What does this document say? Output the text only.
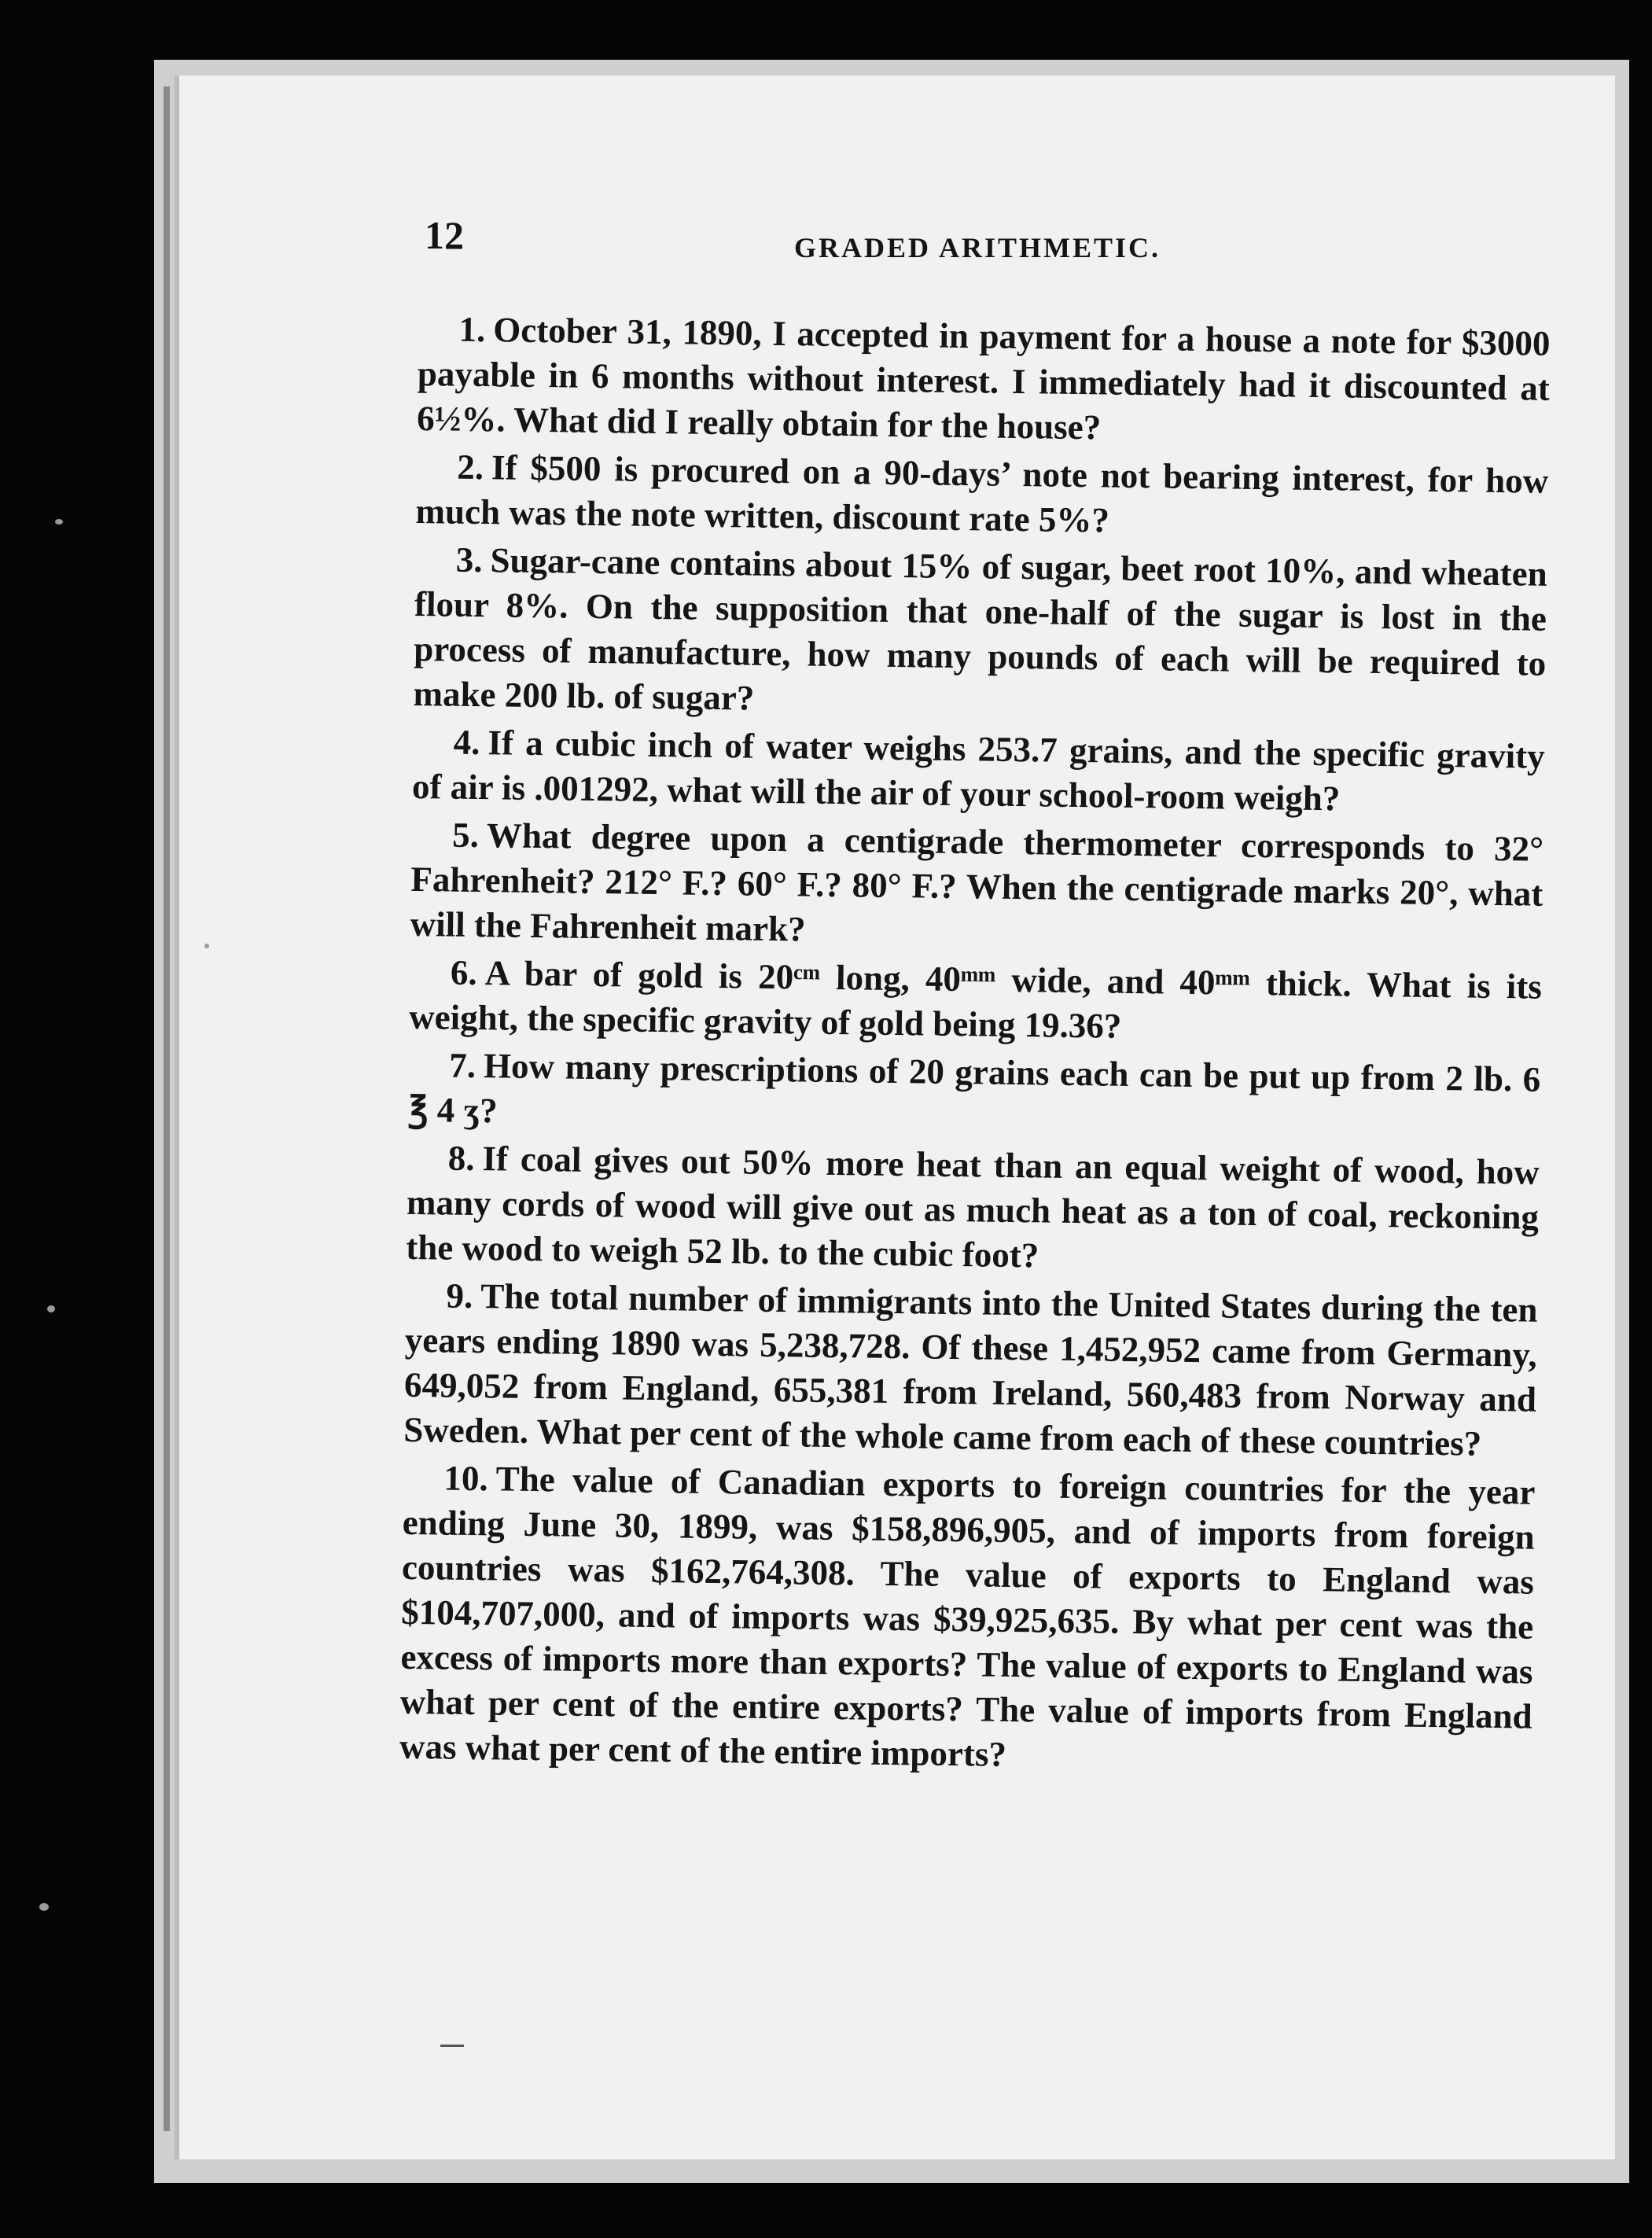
12	GRADED ARITHMETIC.

1. October 31, 1890, I accepted in payment for a house a note for $3000 payable in 6 months without interest. I immediately had it discounted at 6½%. What did I really obtain for the house?

2. If $500 is procured on a 90-days’ note not bearing interest, for how much was the note written, discount rate 5%?

3. Sugar-cane contains about 15% of sugar, beet root 10%, and wheaten flour 8%. On the supposition that one-half of the sugar is lost in the process of manufacture, how many pounds of each will be required to make 200 lb. of sugar?

4. If a cubic inch of water weighs 253.7 grains, and the specific gravity of air is .001292, what will the air of your school-room weigh?

5. What degree upon a centigrade thermometer corresponds to 32° Fahrenheit? 212° F.? 60° F.? 80° F.? When the centigrade marks 20°, what will the Fahrenheit mark?

6. A bar of gold is 20ᶜᵐ long, 40ᵐᵐ wide, and 40ᵐᵐ thick. What is its weight, the specific gravity of gold being 19.36?

7. How many prescriptions of 20 grains each can be put up from 2 lb. 6 ℥ 4 ʒ?

8. If coal gives out 50% more heat than an equal weight of wood, how many cords of wood will give out as much heat as a ton of coal, reckoning the wood to weigh 52 lb. to the cubic foot?

9. The total number of immigrants into the United States during the ten years ending 1890 was 5,238,728. Of these 1,452,952 came from Germany, 649,052 from England, 655,381 from Ireland, 560,483 from Norway and Sweden. What per cent of the whole came from each of these countries?

10. The value of Canadian exports to foreign countries for the year ending June 30, 1899, was $158,896,905, and of imports from foreign countries was $162,764,308. The value of exports to England was $104,707,000, and of imports was $39,925,635. By what per cent was the excess of imports more than exports? The value of exports to England was what per cent of the entire exports? The value of imports from England was what per cent of the entire imports?
